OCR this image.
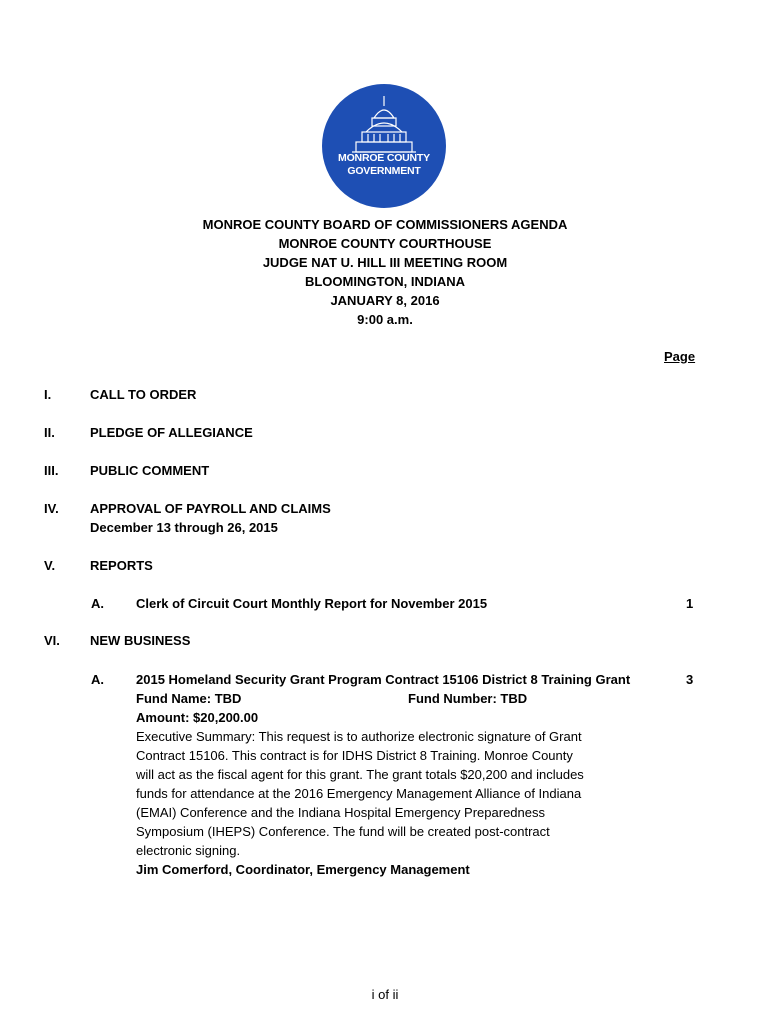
MONROE COUNTY
GOVERNMENT
MONROE COUNTY BOARD OF COMMISSIONERS AGENDA
MONROE COUNTY COURTHOUSE
JUDGE NAT U. HILL III MEETING ROOM
BLOOMINGTON, INDIANA
JANUARY 8, 2016
9:00 a.m.
Page
I.	CALL TO ORDER
II.	PLEDGE OF ALLEGIANCE
III. PUBLIC COMMENT
IV. APPROVAL OF PAYROLL AND CLAIMS
December 13 through 26, 2015
V.	REPORTS
A. Clerk of Circuit Court Monthly Report for November 2015	1
VI. NEW BUSINESS
A. 2015 Homeland Security Grant Program Contract 15106 District 8 Training Grant	3
Fund Name: TBD	Fund Number: TBD
Amount: $20,200.00
Executive Summary: This request is to authorize electronic signature of Grant
Contract 15106. This contract is for IDHS District 8 Training. Monroe County
will act as the fiscal agent for this grant. The grant totals $20,200 and includes
funds for attendance at the 2016 Emergency Management Alliance of Indiana
(EMAI) Conference and the Indiana Hospital Emergency Preparedness
Symposium (IHEPS) Conference. The fund will be created post-contract
electronic signing.
Jim Comerford, Coordinator, Emergency Management
i of ii
